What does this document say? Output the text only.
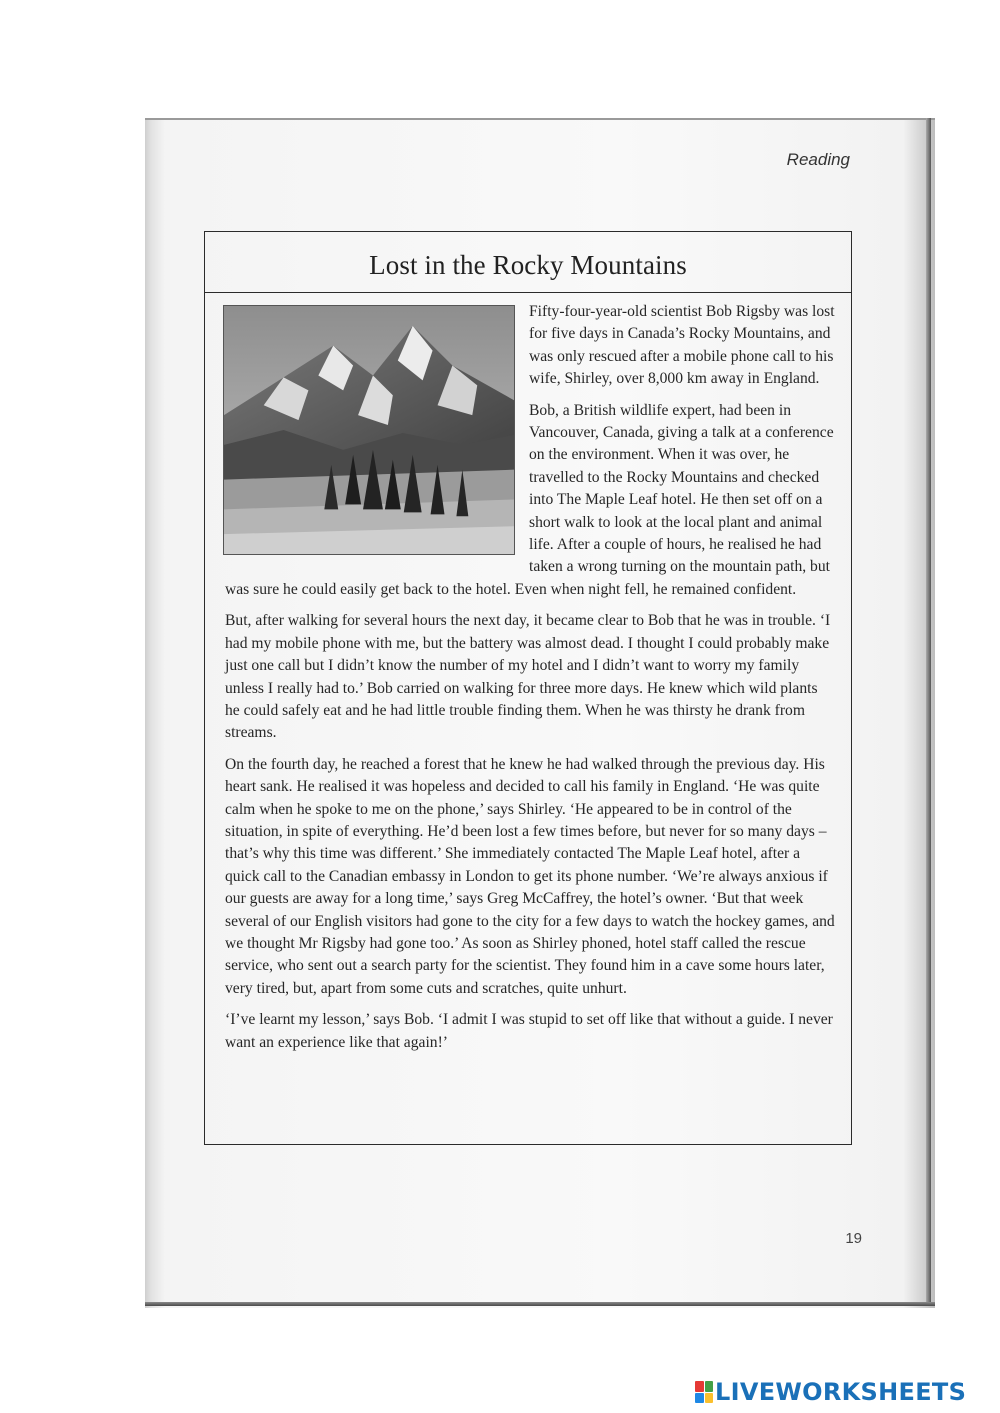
Reading
Lost in the Rocky Mountains

Fifty-four-year-old scientist Bob Rigsby was lost for five days in Canada’s Rocky Mountains, and was only rescued after a mobile phone call to his wife, Shirley, over 8,000 km away in England.

Bob, a British wildlife expert, had been in Vancouver, Canada, giving a talk at a conference on the environment. When it was over, he travelled to the Rocky Mountains and checked into The Maple Leaf hotel. He then set off on a short walk to look at the local plant and animal life. After a couple of hours, he realised he had taken a wrong turning on the mountain path, but was sure he could easily get back to the hotel. Even when night fell, he remained confident.

But, after walking for several hours the next day, it became clear to Bob that he was in trouble. ‘I had my mobile phone with me, but the battery was almost dead. I thought I could probably make just one call but I didn’t know the number of my hotel and I didn’t want to worry my family unless I really had to.’ Bob carried on walking for three more days. He knew which wild plants he could safely eat and he had little trouble finding them. When he was thirsty he drank from streams.

On the fourth day, he reached a forest that he knew he had walked through the previous day. His heart sank. He realised it was hopeless and decided to call his family in England. ‘He was quite calm when he spoke to me on the phone,’ says Shirley. ‘He appeared to be in control of the situation, in spite of everything. He’d been lost a few times before, but never for so many days – that’s why this time was different.’ She immediately contacted The Maple Leaf hotel, after a quick call to the Canadian embassy in London to get its phone number. ‘We’re always anxious if our guests are away for a long time,’ says Greg McCaffrey, the hotel’s owner. ‘But that week several of our English visitors had gone to the city for a few days to watch the hockey games, and we thought Mr Rigsby had gone too.’ As soon as Shirley phoned, hotel staff called the rescue service, who sent out a search party for the scientist. They found him in a cave some hours later, very tired, but, apart from some cuts and scratches, quite unhurt.

‘I’ve learnt my lesson,’ says Bob. ‘I admit I was stupid to set off like that without a guide. I never want an experience like that again!’

19
LIVEWORKSHEETS
